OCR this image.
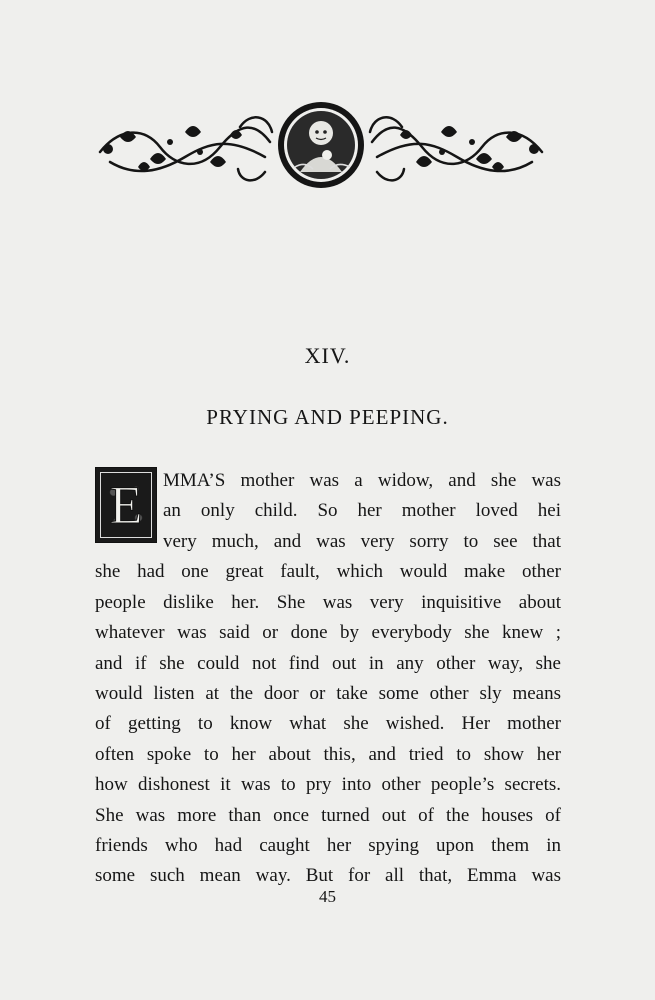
XIV.
PRYING AND PEEPING.
E MMA’S mother was a widow, and she was
an only child. So her mother loved hei
very much, and was very sorry to see that
she had one great fault, which would make other
people dislike her. She was very inquisitive about
whatever was said or done by everybody she knew ;
and if she could not find out in any other way, she
would listen at the door or take some other sly means
of getting to know what she wished. Her mother
often spoke to her about this, and tried to show her
how dishonest it was to pry into other people’s secrets.
She was more than once turned out of the houses of
friends who had caught her spying upon them in
some such mean way. But for all that, Emma was
45
